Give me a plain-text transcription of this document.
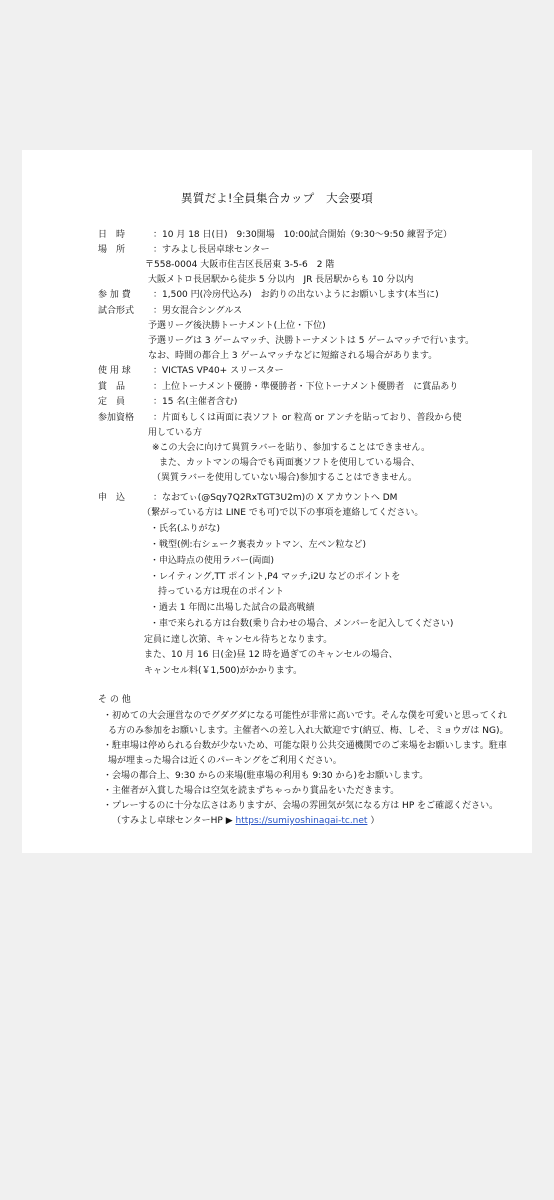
異質だよ!全員集合カップ　大会要項
日　時	：10 月 18 日(日)　9:30開場　10:00試合開始（9:30～9:50 練習予定）
場　所	：すみよし長居卓球センター
〒558-0004 大阪市住吉区長居東 3-5-6　2 階
大阪メトロ長居駅から徒歩 5 分以内　JR 長居駅からも 10 分以内
参 加 費 ：1,500 円(冷房代込み)　お釣りの出ないようにお願いします(本当に)
試合形式 ：男女混合シングルス
予選リーグ後決勝トーナメント(上位・下位)
予選リーグは 3 ゲームマッチ、決勝トーナメントは 5 ゲームマッチで行います。
なお、時間の都合上 3 ゲームマッチなどに短縮される場合があります。
使 用 球 ：VICTAS VP40+ スリースター
賞　品	：上位トーナメント優勝・準優勝者・下位トーナメント優勝者　に賞品あり
定　員	：15 名(主催者含む)
参加資格 ：片面もしくは両面に表ソフト or 粒高 or アンチを貼っており、普段から使
用している方
※この大会に向けて異質ラバーを貼り、参加することはできません。
また、カットマンの場合でも両面裏ソフトを使用している場合、
（異質ラバーを使用していない場合)参加することはできません。
申　込	：なおてぃ(@Sqy7Q2RxTGT3U2m)の X アカウントへ DM
（繋がっている方は LINE でも可)で以下の事項を連絡してください。
・氏名(ふりがな)
・戦型(例:右シェーク裏表カットマン、左ペン粒など)
・申込時点の使用ラバー(両面)
・レイティング,TT ポイント,P4 マッチ,i2U などのポイントを
持っている方は現在のポイント
・過去 1 年間に出場した試合の最高戦績
・車で来られる方は台数(乗り合わせの場合、メンバーを記入してください)
定員に達し次第、キャンセル待ちとなります。
また、10 月 16 日(金)昼 12 時を過ぎてのキャンセルの場合、
キャンセル料(￥1,500)がかかります。
そ の 他
・初めての大会運営なのでグダグダになる可能性が非常に高いです。そんな僕を可愛いと思ってくれ
る方のみ参加をお願いします。主催者への差し入れ大歓迎です(納豆、梅、しそ、ミョウガは NG)。
・駐車場は停められる台数が少ないため、可能な限り公共交通機関でのご来場をお願いします。駐車
場が埋まった場合は近くのパーキングをご利用ください。
・会場の都合上、9:30 からの来場(駐車場の利用も 9:30 から)をお願いします。
・主催者が入賞した場合は空気を読まずちゃっかり賞品をいただきます。
・プレーするのに十分な広さはありますが、会場の雰囲気が気になる方は HP をご確認ください。
（すみよし卓球センターHP ▶ https://sumiyoshinagai-tc.net ）
